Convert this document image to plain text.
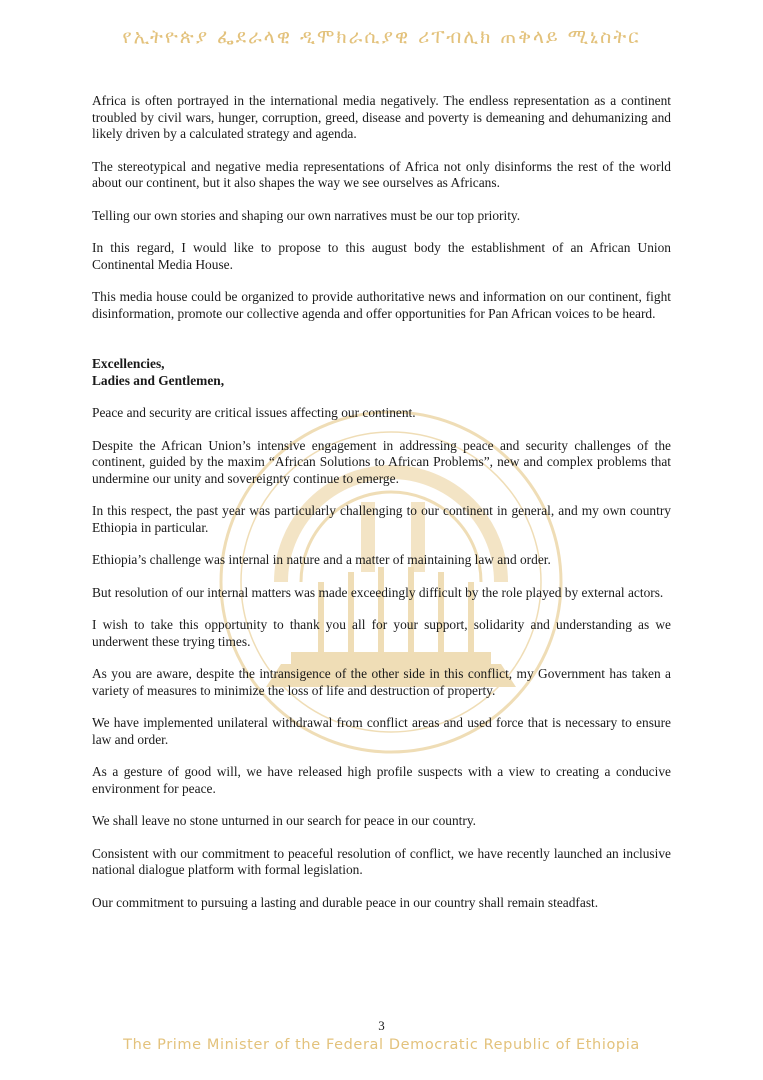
የኢትዮጵያ ፌደራላዊ ዲሞክራሲያዊ ሪፐብሊክ ጠቅላይ ሚኒስትር

Africa is often portrayed in the international media negatively. The endless representation as a continent troubled by civil wars, hunger, corruption, greed, disease and poverty is demeaning and dehumanizing and likely driven by a calculated strategy and agenda.

The stereotypical and negative media representations of Africa not only disinforms the rest of the world about our continent, but it also shapes the way we see ourselves as Africans.

Telling our own stories and shaping our own narratives must be our top priority.

In this regard, I would like to propose to this august body the establishment of an African Union Continental Media House.

This media house could be organized to provide authoritative news and information on our continent, fight disinformation, promote our collective agenda and offer opportunities for Pan African voices to be heard.

Excellencies,
Ladies and Gentlemen,

Peace and security are critical issues affecting our continent.

Despite the African Union’s intensive engagement in addressing peace and security challenges of the continent, guided by the maxim “African Solutions to African Problems”, new and complex problems that undermine our unity and sovereignty continue to emerge.

In this respect, the past year was particularly challenging to our continent in general, and my own country Ethiopia in particular.

Ethiopia’s challenge was internal in nature and a matter of maintaining law and order.

But resolution of our internal matters was made exceedingly difficult by the role played by external actors.

I wish to take this opportunity to thank you all for your support, solidarity and understanding as we underwent these trying times.

As you are aware, despite the intransigence of the other side in this conflict, my Government has taken a variety of measures to minimize the loss of life and destruction of property.

We have implemented unilateral withdrawal from conflict areas and used force that is necessary to ensure law and order.

As a gesture of good will, we have released high profile suspects with a view to creating a conducive environment for peace.

We shall leave no stone unturned in our search for peace in our country.

Consistent with our commitment to peaceful resolution of conflict, we have recently launched an inclusive national dialogue platform with formal legislation.

Our commitment to pursuing a lasting and durable peace in our country shall remain steadfast.

3
The Prime Minister of the Federal Democratic Republic of Ethiopia
